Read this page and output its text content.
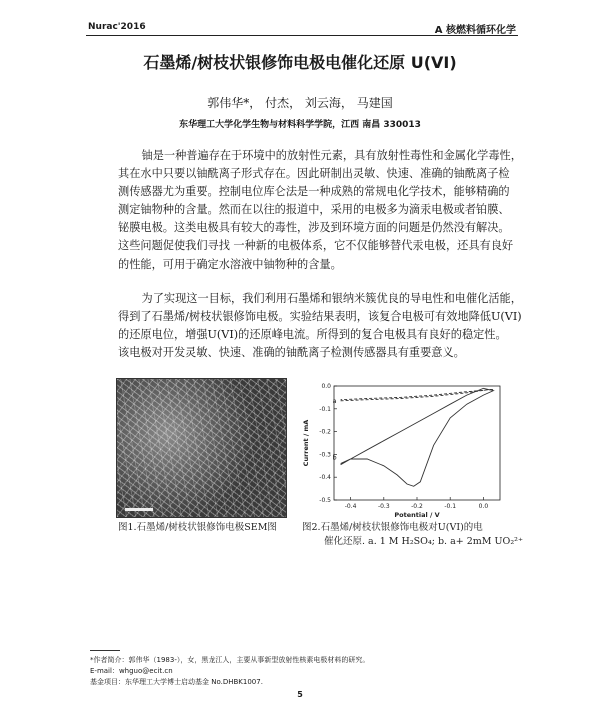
Nurac'2016	A 核燃料循环化学
石墨烯/树枝状银修饰电极电催化还原 U(VI)
郭伟华*， 付杰， 刘云海， 马建国
东华理工大学化学生物与材料科学学院，江西 南昌 330013

铀是一种普遍存在于环境中的放射性元素，具有放射性毒性和金属化学毒性，
其在水中只要以铀酰离子形式存在。因此研制出灵敏、快速、准确的铀酰离子检
测传感器尤为重要。控制电位库仑法是一种成熟的常规电化学技术，能够精确的
测定铀物种的含量。然而在以往的报道中，采用的电极多为滴汞电极或者铂膜、
铋膜电极。这类电极具有较大的毒性，涉及到环境方面的问题是仍然没有解决。
这些问题促使我们寻找 一种新的电极体系，它不仅能够替代汞电极，还具有良好
的性能，可用于确定水溶液中铀物种的含量。

为了实现这一目标，我们利用石墨烯和银纳米簇优良的导电性和电催化活能，
得到了石墨烯/树枝状银修饰电极。实验结果表明，该复合电极可有效地降低U(VI)
的还原电位，增强U(VI)的还原峰电流。所得到的复合电极具有良好的稳定性。
该电极对开发灵敏、快速、准确的铀酰离子检测传感器具有重要意义。

-0.4	-0.3	-0.2	-0.1	0.0
0.0
-0.1
-0.2
-0.3
-0.4
-0.5
Potential / V
Current / mA
a
b
图1.石墨烯/树枝状银修饰电极SEM图	图2.石墨烯/树枝状银修饰电极对U(VI)的电
催化还原. a. 1 M H₂SO₄; b. a+ 2mM UO₂²⁺
*作者简介：郭伟华（1983-），女，黑龙江人，主要从事新型放射性核素电极材料的研究。
E-mail：whguo@ecit.cn
基金项目：东华理工大学博士启动基金 No.DHBK1007.
5
